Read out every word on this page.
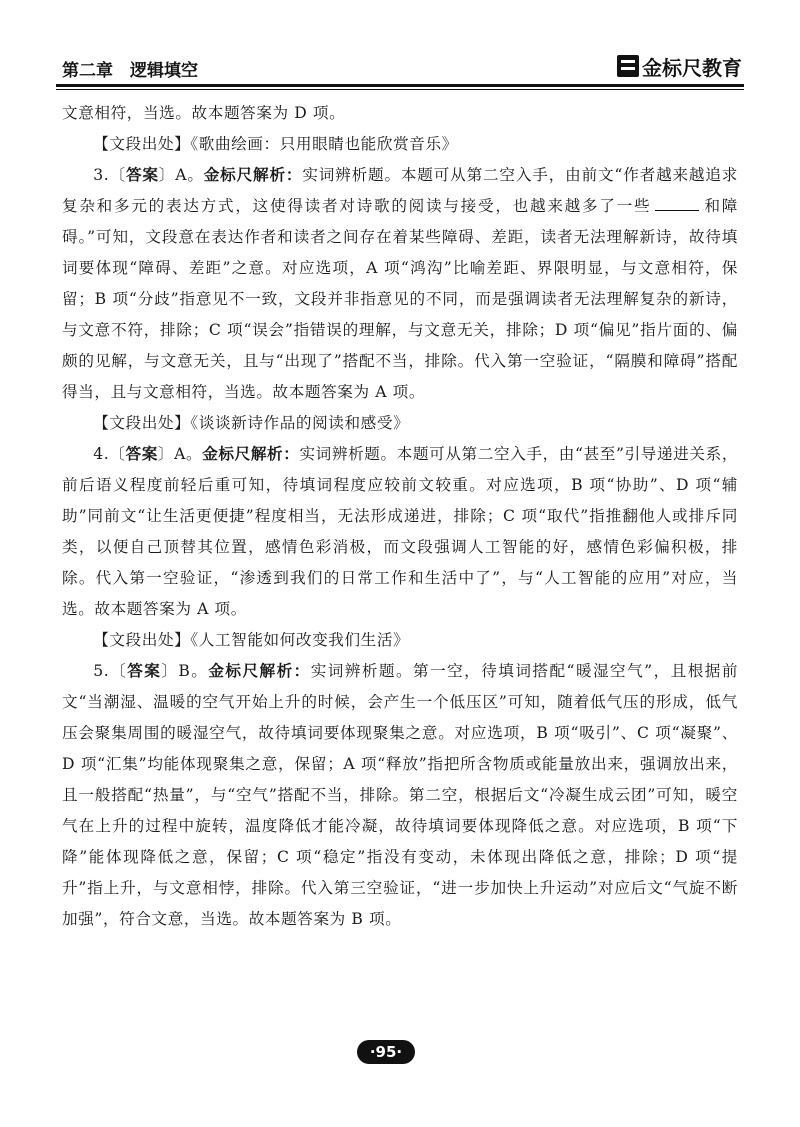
第二章　逻辑填空	金标尺教育

文意相符，当选。故本题答案为 D 项。

【文段出处】《歌曲绘画：只用眼睛也能欣赏音乐》

3.〔答案〕A。金标尺解析：实词辨析题。本题可从第二空入手，由前文“作者越来越追求复杂和多元的表达方式，这使得读者对诗歌的阅读与接受，也越来越多了一些	和障碍。”可知，文段意在表达作者和读者之间存在着某些障碍、差距，读者无法理解新诗，故待填词要体现“障碍、差距”之意。对应选项，A 项“鸿沟”比喻差距、界限明显，与文意相符，保留；B 项“分歧”指意见不一致，文段并非指意见的不同，而是强调读者无法理解复杂的新诗，与文意不符，排除；C 项“误会”指错误的理解，与文意无关，排除；D 项“偏见”指片面的、偏颇的见解，与文意无关，且与“出现了”搭配不当，排除。代入第一空验证，“隔膜和障碍”搭配得当，且与文意相符，当选。故本题答案为 A 项。

【文段出处】《谈谈新诗作品的阅读和感受》

4.〔答案〕A。金标尺解析：实词辨析题。本题可从第二空入手，由“甚至”引导递进关系，前后语义程度前轻后重可知，待填词程度应较前文较重。对应选项，B 项“协助”、D 项“辅助”同前文“让生活更便捷”程度相当，无法形成递进，排除；C 项“取代”指推翻他人或排斥同类，以便自己顶替其位置，感情色彩消极，而文段强调人工智能的好，感情色彩偏积极，排除。代入第一空验证，“渗透到我们的日常工作和生活中了”，与“人工智能的应用”对应，当选。故本题答案为 A 项。

【文段出处】《人工智能如何改变我们生活》

5.〔答案〕B。金标尺解析：实词辨析题。第一空，待填词搭配“暖湿空气”，且根据前文“当潮湿、温暖的空气开始上升的时候，会产生一个低压区”可知，随着低气压的形成，低气压会聚集周围的暖湿空气，故待填词要体现聚集之意。对应选项，B 项“吸引”、C 项“凝聚”、D 项“汇集”均能体现聚集之意，保留；A 项“释放”指把所含物质或能量放出来，强调放出来，且一般搭配“热量”，与“空气”搭配不当，排除。第二空，根据后文“冷凝生成云团”可知，暖空气在上升的过程中旋转，温度降低才能冷凝，故待填词要体现降低之意。对应选项，B 项“下降”能体现降低之意，保留；C 项“稳定”指没有变动，未体现出降低之意，排除；D 项“提升”指上升，与文意相悖，排除。代入第三空验证，“进一步加快上升运动”对应后文“气旋不断加强”，符合文意，当选。故本题答案为 B 项。

·95·
